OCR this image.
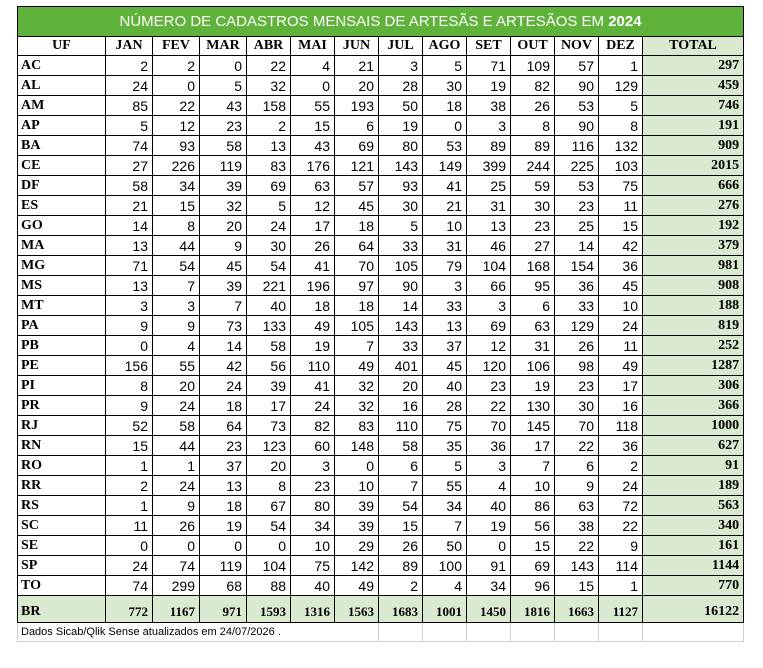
NÚMERO DE CADASTROS MENSAIS DE ARTESÃS E ARTESÃOS EM 2024													
UF	JAN	FEV	MAR	ABR	MAI	JUN	JUL	AGO	SET	OUT	NOV	DEZ	TOTAL
AC	2	2	0	22	4	21	3	5	71	109	57	1	297
AL	24	0	5	32	0	20	28	30	19	82	90	129	459
AM	85	22	43	158	55	193	50	18	38	26	53	5	746
AP	5	12	23	2	15	6	19	0	3	8	90	8	191
BA	74	93	58	13	43	69	80	53	89	89	116	132	909
CE	27	226	119	83	176	121	143	149	399	244	225	103	2015
DF	58	34	39	69	63	57	93	41	25	59	53	75	666
ES	21	15	32	5	12	45	30	21	31	30	23	11	276
GO	14	8	20	24	17	18	5	10	13	23	25	15	192
MA	13	44	9	30	26	64	33	31	46	27	14	42	379
MG	71	54	45	54	41	70	105	79	104	168	154	36	981
MS	13	7	39	221	196	97	90	3	66	95	36	45	908
MT	3	3	7	40	18	18	14	33	3	6	33	10	188
PA	9	9	73	133	49	105	143	13	69	63	129	24	819
PB	0	4	14	58	19	7	33	37	12	31	26	11	252
PE	156	55	42	56	110	49	401	45	120	106	98	49	1287
PI	8	20	24	39	41	32	20	40	23	19	23	17	306
PR	9	24	18	17	24	32	16	28	22	130	30	16	366
RJ	52	58	64	73	82	83	110	75	70	145	70	118	1000
RN	15	44	23	123	60	148	58	35	36	17	22	36	627
RO	1	1	37	20	3	0	6	5	3	7	6	2	91
RR	2	24	13	8	23	10	7	55	4	10	9	24	189
RS	1	9	18	67	80	39	54	34	40	86	63	72	563
SC	11	26	19	54	34	39	15	7	19	56	38	22	340
SE	0	0	0	0	10	29	26	50	0	15	22	9	161
SP	24	74	119	104	75	142	89	100	91	69	143	114	1144
TO	74	299	68	88	40	49	2	4	34	96	15	1	770
BR	772	1167	971	1593	1316	1563	1683	1001	1450	1816	1663	1127	16122
Dados Sicab/Qlik Sense atualizados em 24/07/2026 .													
